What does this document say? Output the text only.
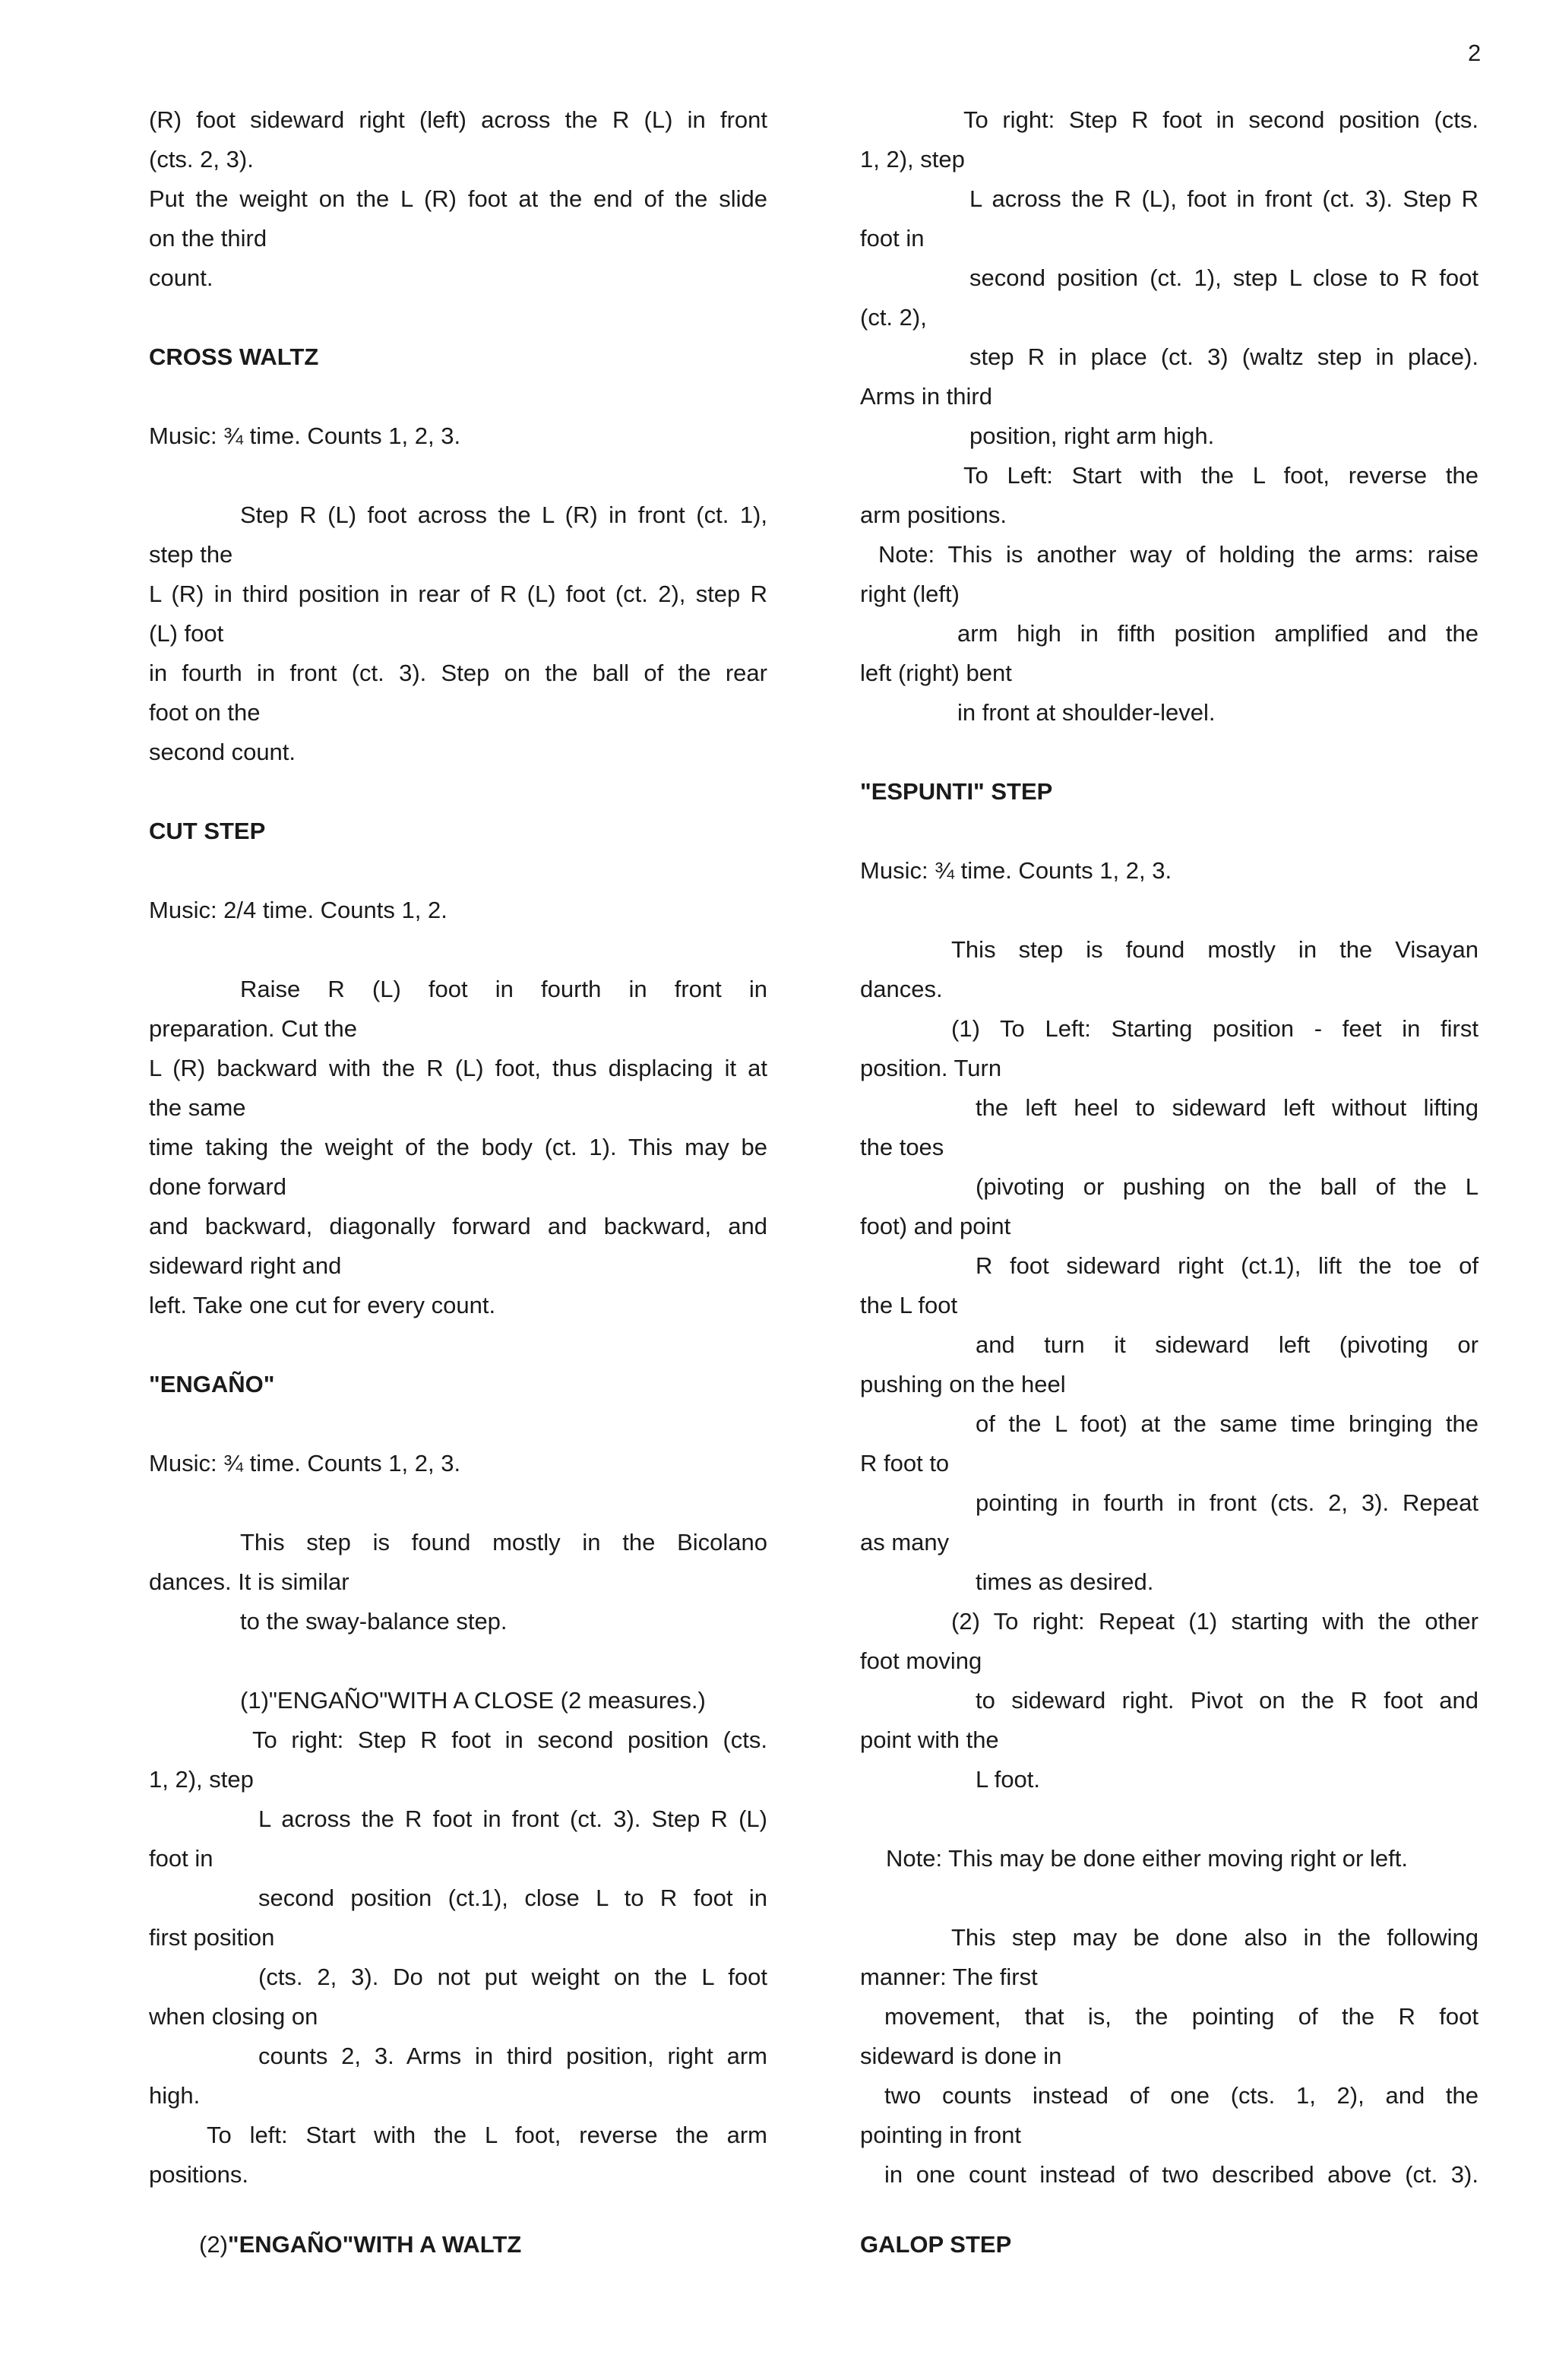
2

(R) foot sideward right (left) across the R (L) in front

(cts. 2, 3).

Put the weight on the L (R) foot at the end of the slide

on the third

count.

CROSS WALTZ

Music: ¾ time. Counts 1, 2, 3.

Step R (L) foot across the L (R) in front (ct. 1),

step the

L (R) in third position in rear of R (L) foot (ct. 2), step R

(L) foot

in fourth in front (ct. 3). Step on the ball of the rear

foot on the

second count.

CUT STEP

Music: 2/4 time. Counts 1, 2.

Raise R (L) foot in fourth in front in

preparation. Cut the

L (R) backward with the R (L) foot, thus displacing it at

the same

time taking the weight of the body (ct. 1). This may be

done forward

and backward, diagonally forward and backward, and

sideward right and

left. Take one cut for every count.

"ENGAÑO"

Music: ¾ time. Counts 1, 2, 3.

This step is found mostly in the Bicolano

dances. It is similar

to the sway-balance step.

(1)"ENGAÑO"WITH A CLOSE (2 measures.)

To right: Step R foot in second position (cts.

1, 2), step

L across the R foot in front (ct. 3). Step R (L)

foot in

second position (ct.1), close L to R foot in

first position

(cts. 2, 3). Do not put weight on the L foot

when closing on

counts 2, 3. Arms in third position, right arm

high.

To left: Start with the L foot, reverse the arm

positions.

To right: Step R foot in second position (cts.

1, 2), step

L across the R (L), foot in front (ct. 3). Step R

foot in

second position (ct. 1), step L close to R foot

(ct. 2),

step R in place (ct. 3) (waltz step in place).

Arms in third

position, right arm high.

To Left: Start with the L foot, reverse the

arm positions.

Note: This is another way of holding the arms: raise

right (left)

arm high in fifth position amplified and the

left (right) bent

in front at shoulder-level.

"ESPUNTI" STEP

Music: ¾ time. Counts 1, 2, 3.

This step is found mostly in the Visayan

dances.

(1) To Left: Starting position - feet in first

position. Turn

the left heel to sideward left without lifting

the toes

(pivoting or pushing on the ball of the L

foot) and point

R foot sideward right (ct.1), lift the toe of

the L foot

and turn it sideward left (pivoting or

pushing on the heel

of the L foot) at the same time bringing the

R foot to

pointing in fourth in front (cts. 2, 3). Repeat

as many

times as desired.

(2) To right: Repeat (1) starting with the other

foot moving

to sideward right. Pivot on the R foot and

point with the

L foot.

Note: This may be done either moving right or left.

This step may be done also in the following

manner: The first

movement, that is, the pointing of the R foot

sideward is done in

two counts instead of one (cts. 1, 2), and the

pointing in front

in one count instead of two described above (ct. 3).

(2)"ENGAÑO"WITH A WALTZ	GALOP STEP
